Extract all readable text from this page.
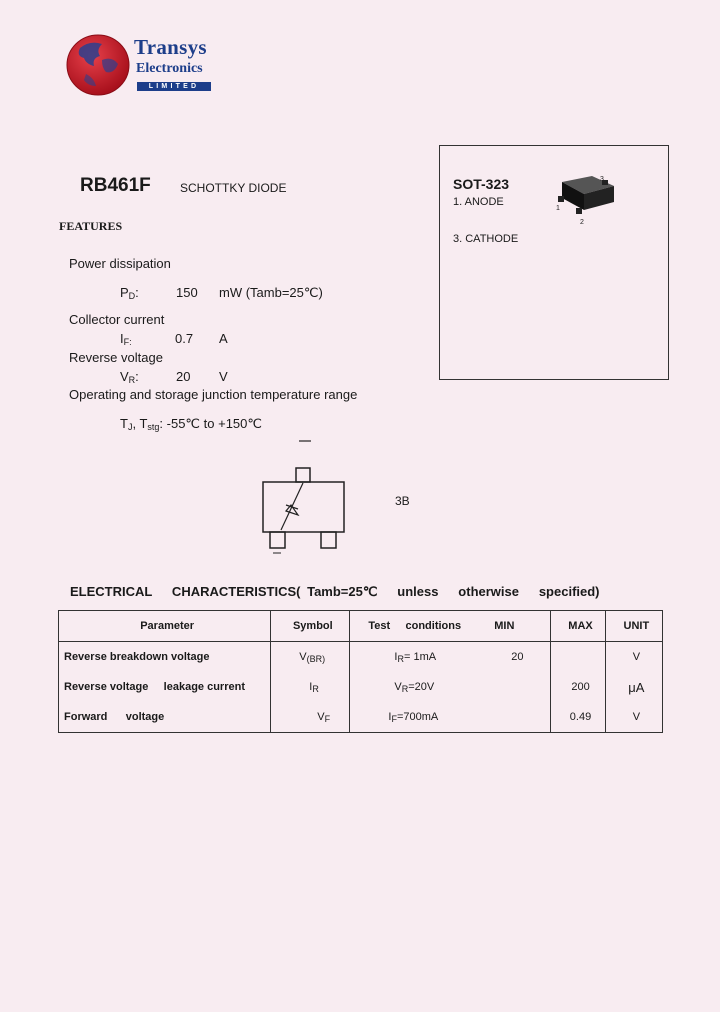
Transys
Electronics
LIMITED
RB461F SCHOTTKY DIODE
FEATURES
Power dissipation
$P_D$:	150 mW (Tamb=25℃)
Collector current
$I_{F:}$	0.7 A
Reverse voltage
$V_R$:	20 V
Operating and storage junction temperature range
$T_J$, $T_{stg}$: -55℃ to +150℃
SOT-323
1. ANODE
3. CATHODE
1
2
3
3B
ELECTRICAL   CHARACTERISTICS( Tamb=25℃   unless   otherwise   specified)
Parameter	Symbol	Test     conditions	MIN	MAX	UNIT
Reverse breakdown voltage	$V_{(BR)}$	$I_R= 1mA$	20		V
Reverse voltage     leakage current	$I_R$	$V_R=20V$		200	μA
Forward      voltage	$V_F$	$I_F=700mA$		0.49	V
